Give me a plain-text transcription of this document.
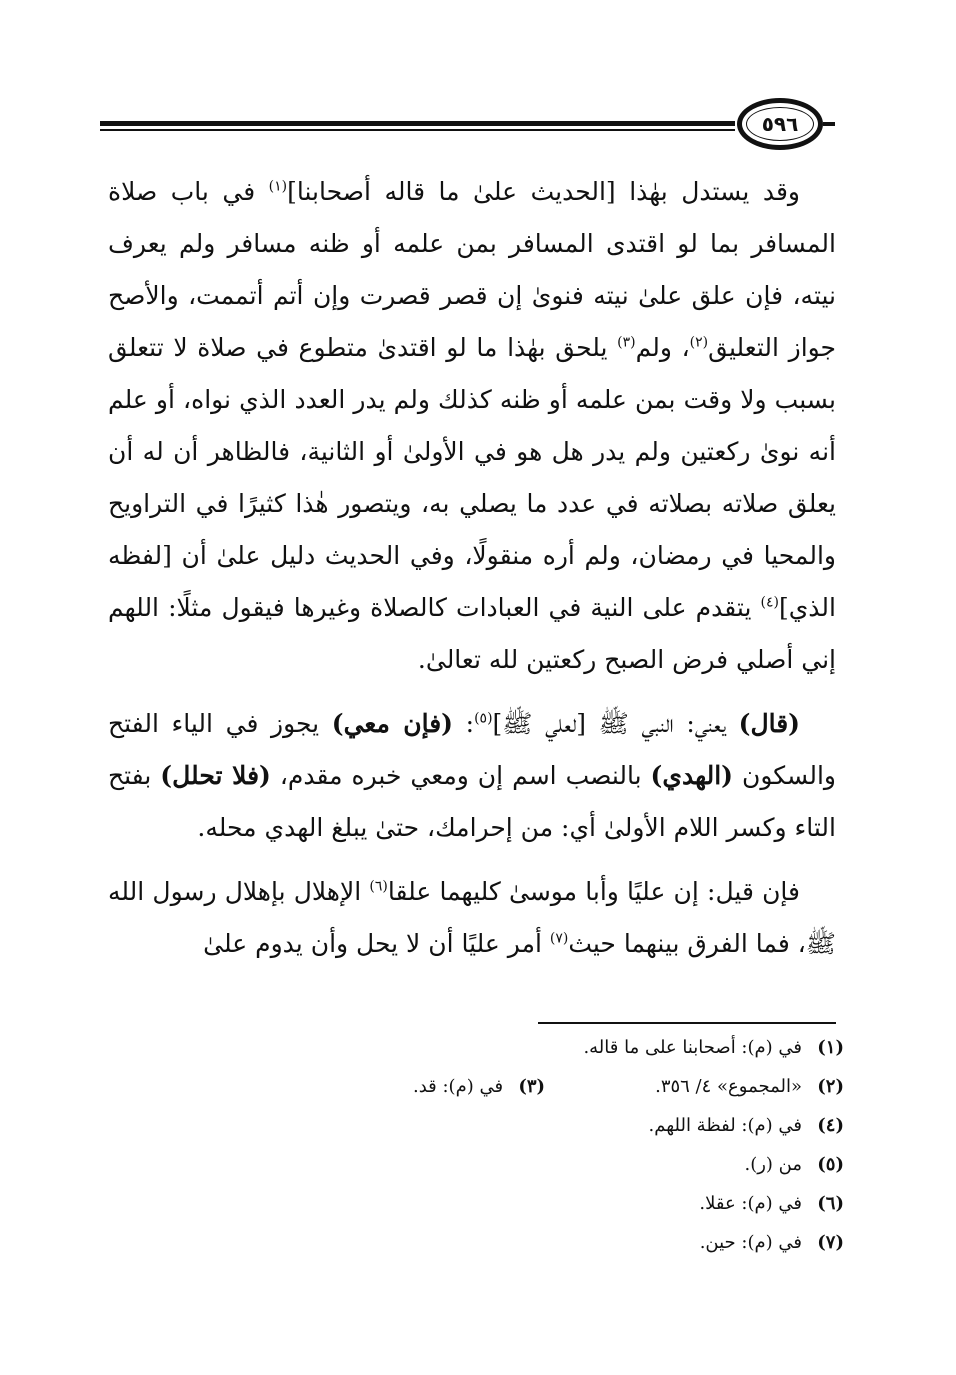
٥٩٦

وقد يستدل بهٰذا [الحديث علىٰ ما قاله أصحابنا]$^{(١)}$ في باب صلاة المسافر بما لو اقتدى المسافر بمن علمه أو ظنه مسافر ولم يعرف نيته، فإن علق علىٰ نيته فنوىٰ إن قصر قصرت وإن أتم أتممت، والأصح جواز التعليق$^{(٢)}$، ولم$^{(٣)}$ يلحق بهٰذا ما لو اقتدىٰ متطوع في صلاة لا تتعلق بسبب ولا وقت بمن علمه أو ظنه كذلك ولم يدر العدد الذي نواه، أو علم أنه نوىٰ ركعتين ولم يدر هل هو في الأولىٰ أو الثانية، فالظاهر أن له أن يعلق صلاته بصلاته في عدد ما يصلي به، ويتصور هٰذا كثيرًا في التراويح والمحيا في رمضان، ولم أره منقولًا، وفي الحديث دليل علىٰ أن [لفظه الذي]$^{(٤)}$ يتقدم على النية في العبادات كالصلاة وغيرها فيقول مثلًا: اللهم إني أصلي فرض الصبح ركعتين لله تعالىٰ.

(قال) يعني: النبي ﷺ [لعلي ﷺ]$^{(٥)}$: (فإن معي) يجوز في الياء الفتح والسكون (الهدي) بالنصب اسم إن ومعي خبره مقدم، (فلا تحلل) بفتح التاء وكسر اللام الأولىٰ أي: من إحرامك، حتىٰ يبلغ الهدي محله.

فإن قيل: إن عليًا وأبا موسىٰ كليهما علقا$^{(٦)}$ الإهلال بإهلال رسول الله ﷺ، فما الفرق بينهما حيث$^{(٧)}$ أمر عليًا أن لا يحل وأن يدوم علىٰ

(١)في (م): أصحابنا على ما قاله.
(٢)«المجموع» ٤/ ٣٥٦.
(٣)في (م): قد.
(٤)في (م): لفظة اللهم.
(٥)من (ر).
(٦)في (م): عقلا.
(٧)في (م): حين.
